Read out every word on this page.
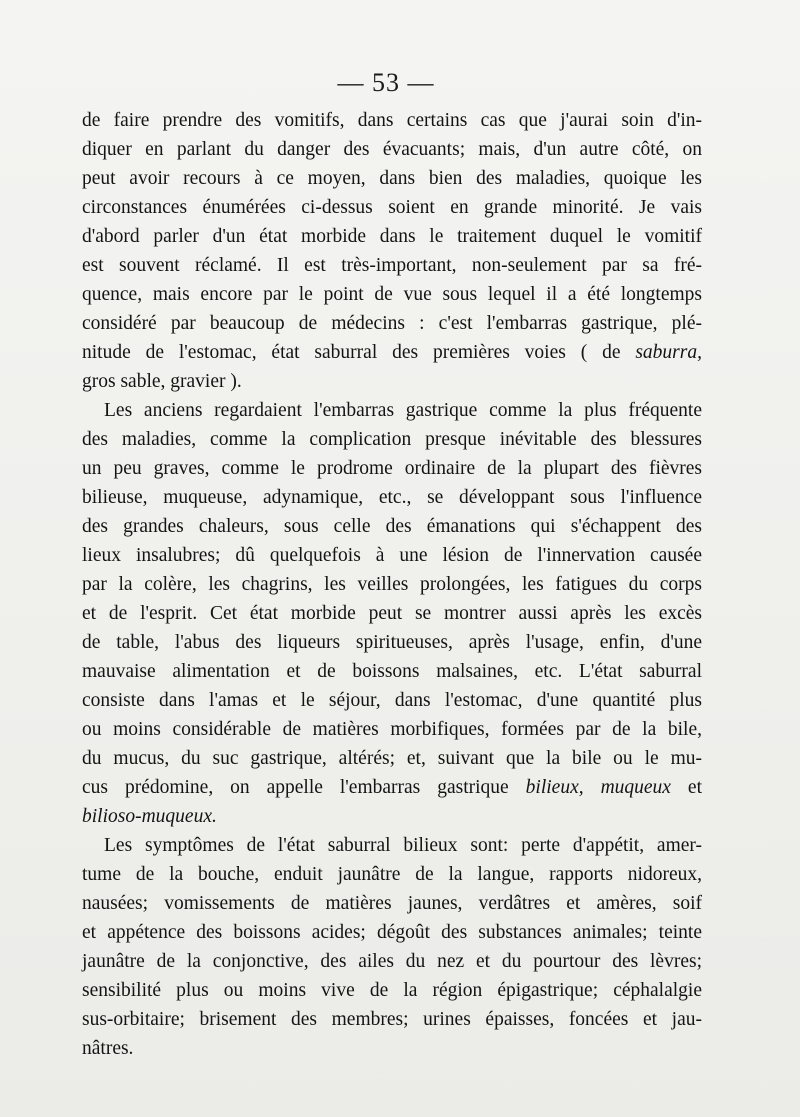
— 53 —
de faire prendre des vomitifs, dans certains cas que j'aurai soin d'in-
diquer en parlant du danger des évacuants; mais, d'un autre côté, on
peut avoir recours à ce moyen, dans bien des maladies, quoique les
circonstances énumérées ci-dessus soient en grande minorité. Je vais
d'abord parler d'un état morbide dans le traitement duquel le vomitif
est souvent réclamé. Il est très-important, non-seulement par sa fré-
quence, mais encore par le point de vue sous lequel il a été longtemps
considéré par beaucoup de médecins : c'est l'embarras gastrique, plé-
nitude de l'estomac, état saburral des premières voies ( de saburra,
gros sable, gravier ).
Les anciens regardaient l'embarras gastrique comme la plus fréquente
des maladies, comme la complication presque inévitable des blessures
un peu graves, comme le prodrome ordinaire de la plupart des fièvres
bilieuse, muqueuse, adynamique, etc., se développant sous l'influence
des grandes chaleurs, sous celle des émanations qui s'échappent des
lieux insalubres; dû quelquefois à une lésion de l'innervation causée
par la colère, les chagrins, les veilles prolongées, les fatigues du corps
et de l'esprit. Cet état morbide peut se montrer aussi après les excès
de table, l'abus des liqueurs spiritueuses, après l'usage, enfin, d'une
mauvaise alimentation et de boissons malsaines, etc. L'état saburral
consiste dans l'amas et le séjour, dans l'estomac, d'une quantité plus
ou moins considérable de matières morbifiques, formées par de la bile,
du mucus, du suc gastrique, altérés; et, suivant que la bile ou le mu-
cus prédomine, on appelle l'embarras gastrique bilieux, muqueux et
bilioso-muqueux.
Les symptômes de l'état saburral bilieux sont: perte d'appétit, amer-
tume de la bouche, enduit jaunâtre de la langue, rapports nidoreux,
nausées; vomissements de matières jaunes, verdâtres et amères, soif
et appétence des boissons acides; dégoût des substances animales; teinte
jaunâtre de la conjonctive, des ailes du nez et du pourtour des lèvres;
sensibilité plus ou moins vive de la région épigastrique; céphalalgie
sus-orbitaire; brisement des membres; urines épaisses, foncées et jau-
nâtres.
